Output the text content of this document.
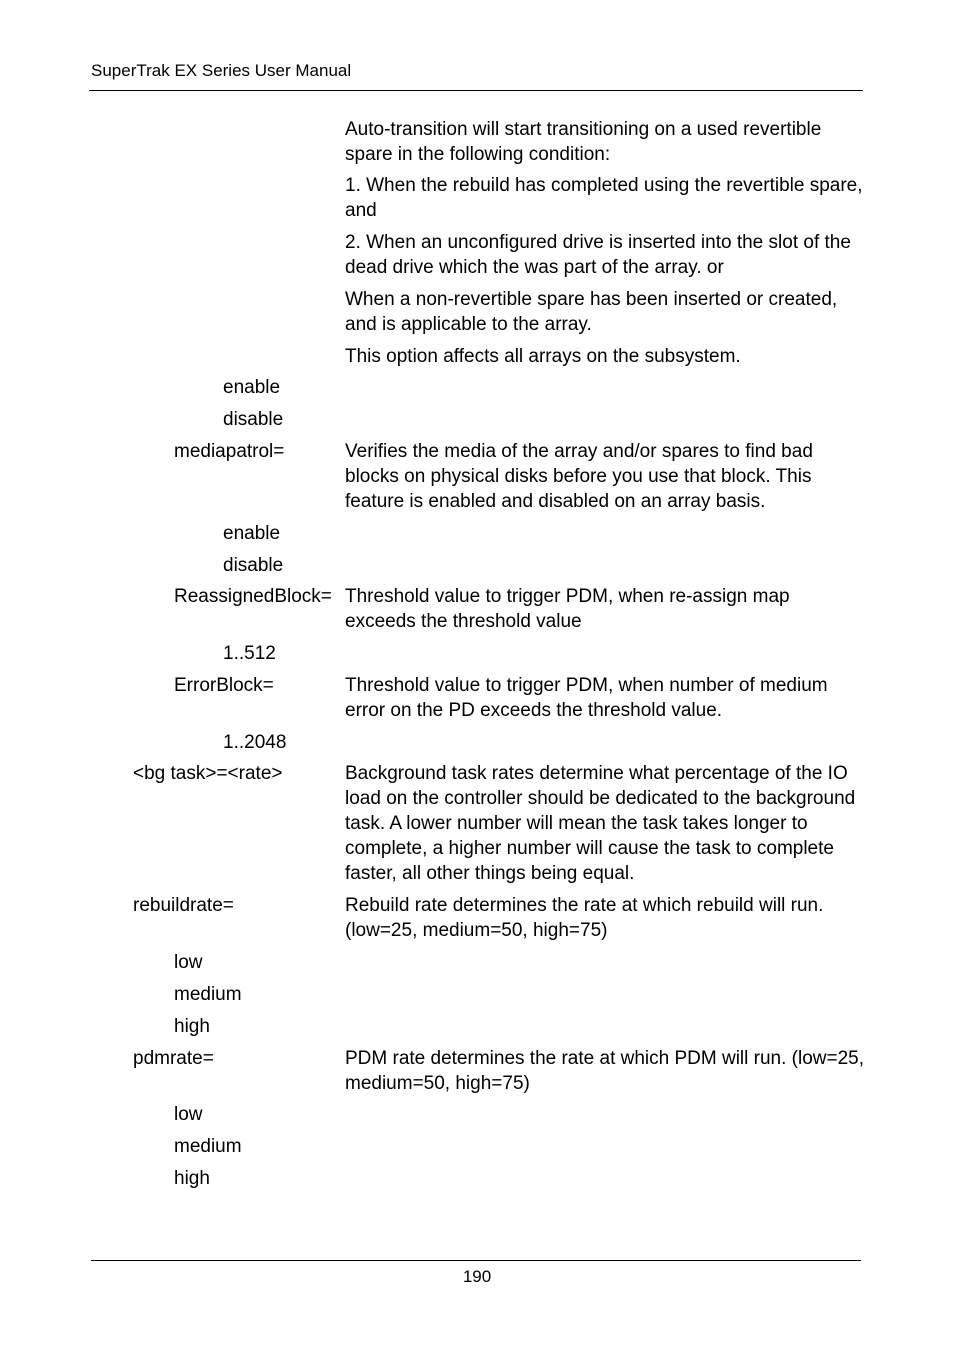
SuperTrak EX Series User Manual
Auto-transition will start transitioning on a used revertible spare in the following condition:
1. When the rebuild has completed using the revertible spare, and
2. When an unconfigured drive is inserted into the slot of the dead drive which the was part of the array. or
When a non-revertible spare has been inserted or created, and is applicable to the array.
This option affects all arrays on the subsystem.
enable
disable
mediapatrol=	Verifies the media of the array and/or spares to find bad blocks on physical disks before you use that block. This feature is enabled and disabled on an array basis.
enable
disable
ReassignedBlock= Threshold value to trigger PDM, when re-assign map exceeds the threshold value
1..512
ErrorBlock=	Threshold value to trigger PDM, when number of medium error on the PD exceeds the threshold value.
1..2048
<bg task>=<rate>	Background task rates determine what percentage of the IO load on the controller should be dedicated to the background task. A lower number will mean the task takes longer to complete, a higher number will cause the task to complete faster, all other things being equal.
rebuildrate=	Rebuild rate determines the rate at which rebuild will run. (low=25, medium=50, high=75)
low
medium
high
pdmrate=	PDM rate determines the rate at which PDM will run. (low=25, medium=50, high=75)
low
medium
high
190
